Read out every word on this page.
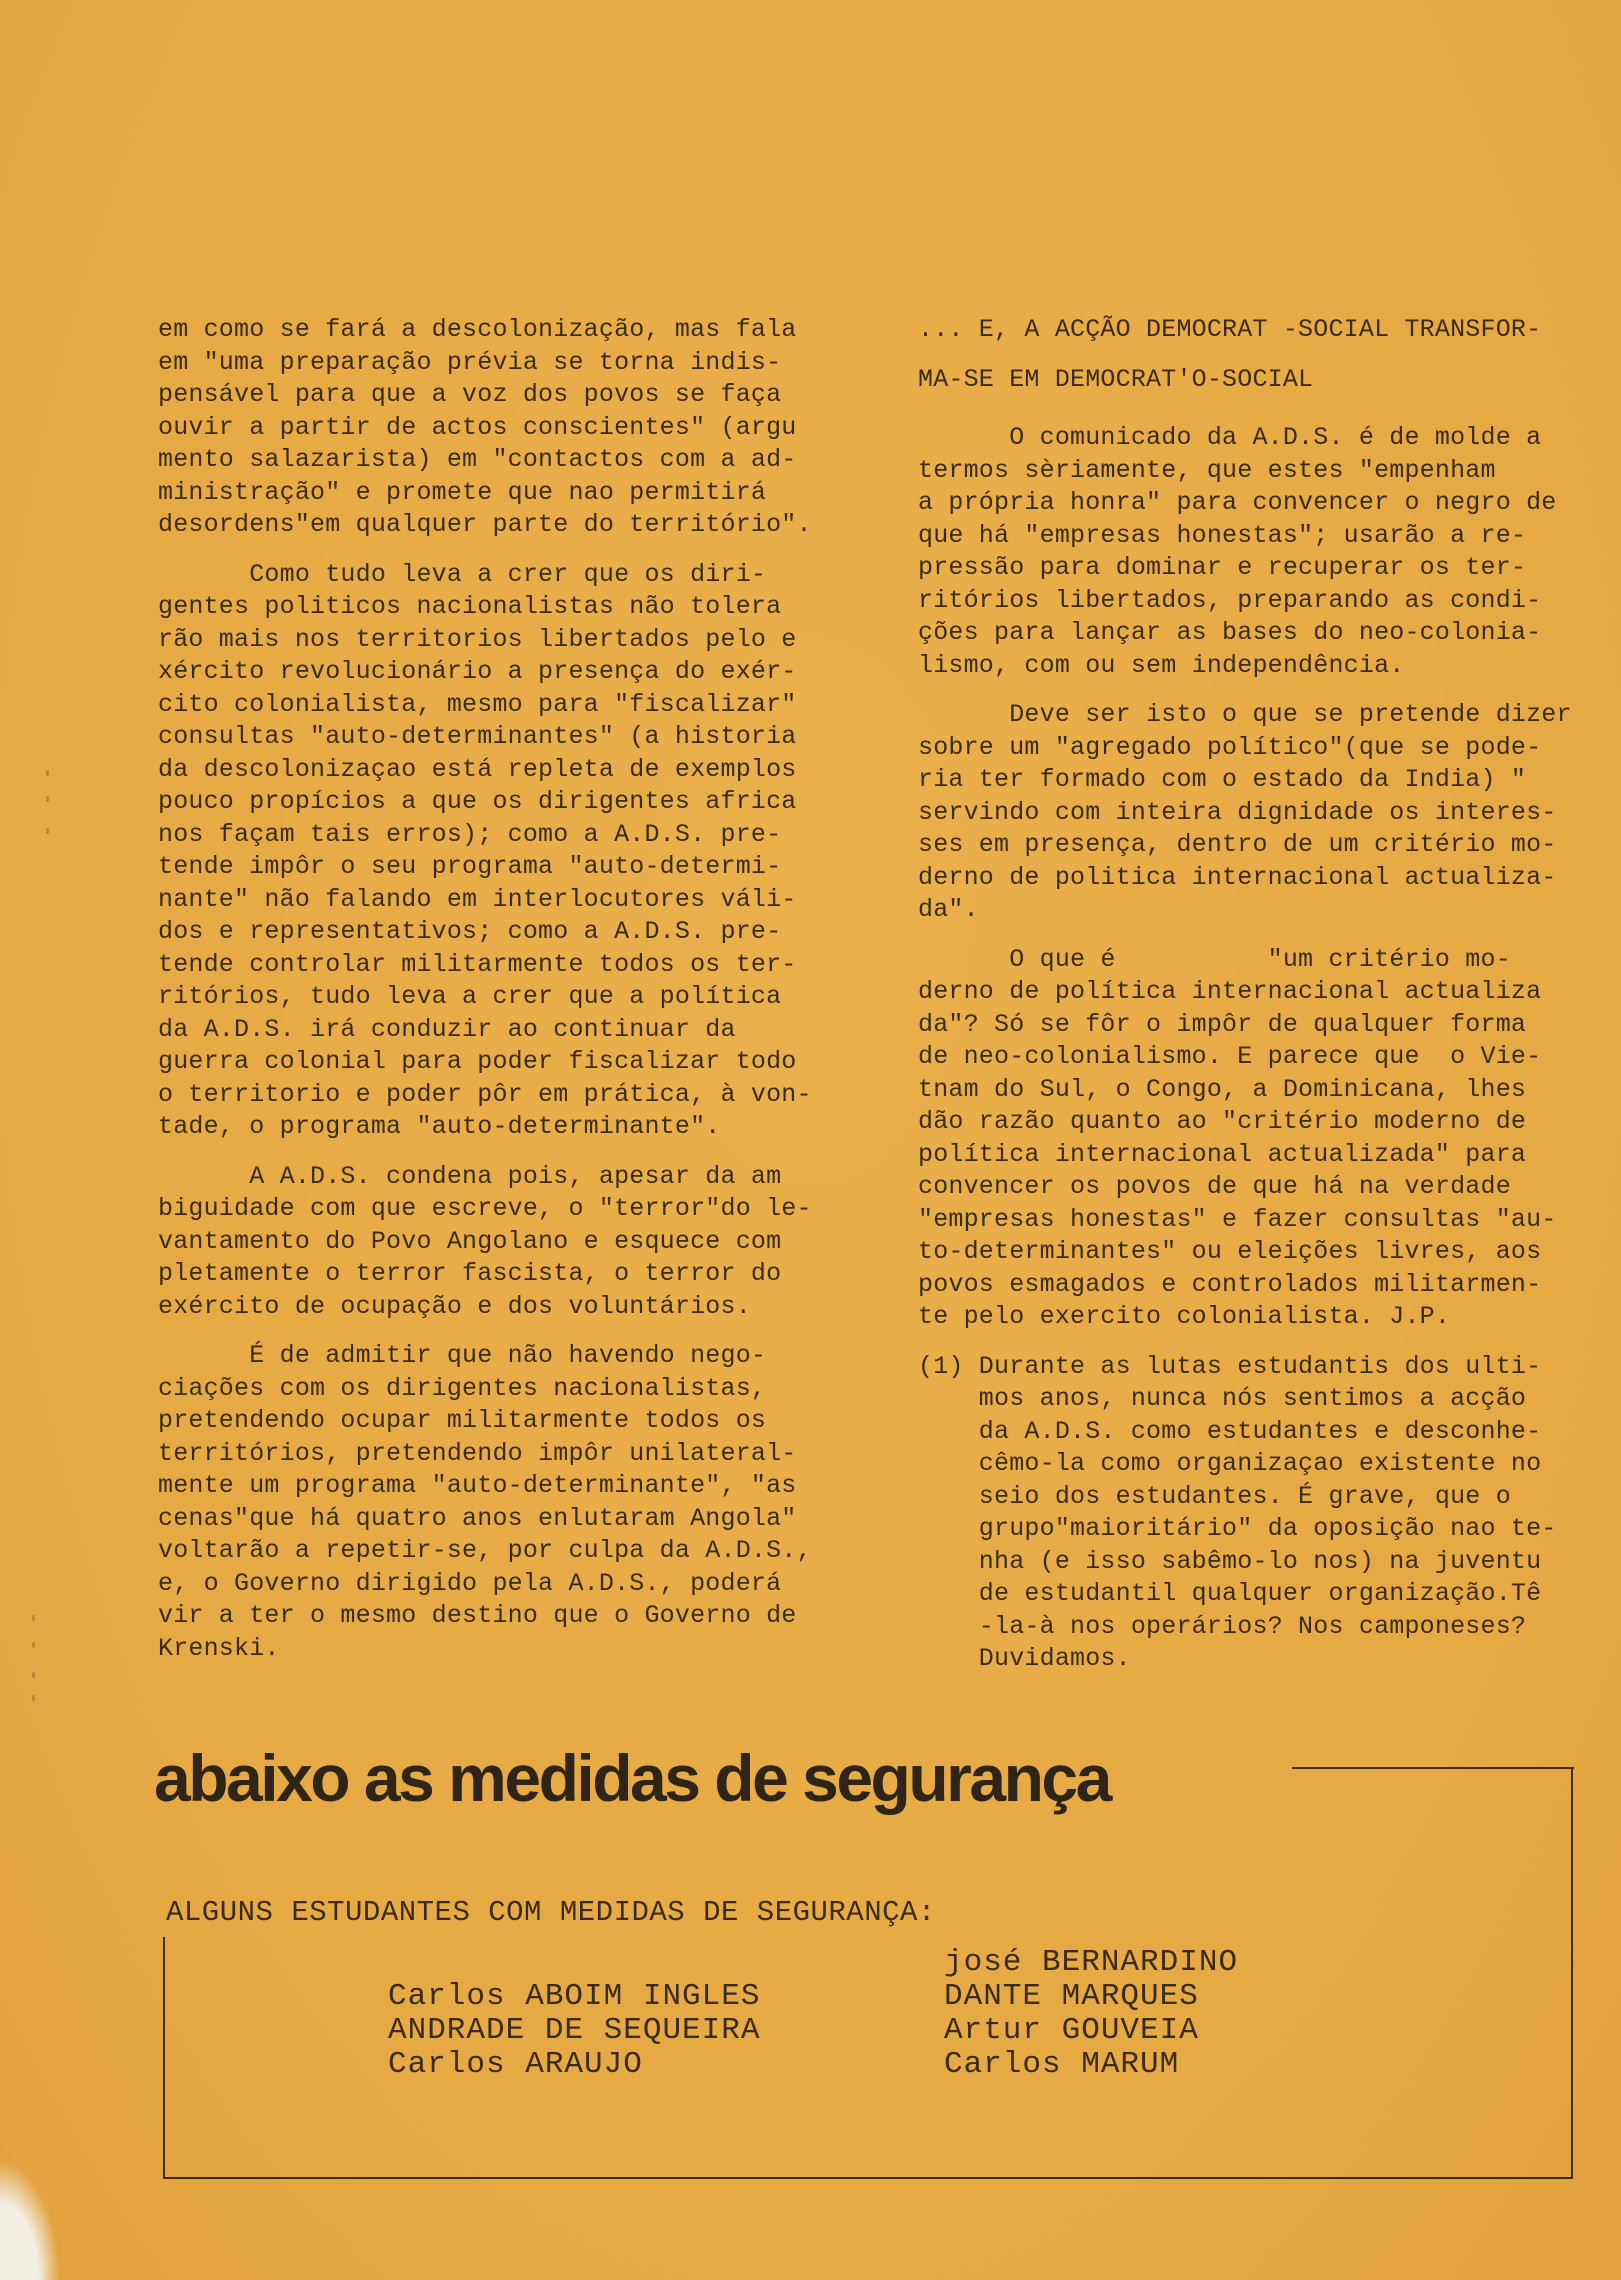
em como se fará a descolonização, mas fala
em "uma preparação prévia se torna indis-
pensável para que a voz dos povos se faça
ouvir a partir de actos conscientes" (argu
mento salazarista) em "contactos com a ad-
ministração" e promete que nao permitirá
desordens"em qualquer parte do território".

Como tudo leva a crer que os diri-
gentes politicos nacionalistas não tolera
rão mais nos territorios libertados pelo e
xército revolucionário a presença do exér-
cito colonialista, mesmo para "fiscalizar"
consultas "auto-determinantes" (a historia
da descolonizaçao está repleta de exemplos
pouco propícios a que os dirigentes africa
nos façam tais erros); como a A.D.S. pre-
tende impôr o seu programa "auto-determi-
nante" não falando em interlocutores váli-
dos e representativos; como a A.D.S. pre-
tende controlar militarmente todos os ter-
ritórios, tudo leva a crer que a política
da A.D.S. irá conduzir ao continuar da
guerra colonial para poder fiscalizar todo
o territorio e poder pôr em prática, à von-
tade, o programa "auto-determinante".

A A.D.S. condena pois, apesar da am
biguidade com que escreve, o "terror"do le-
vantamento do Povo Angolano e esquece com
pletamente o terror fascista, o terror do
exército de ocupação e dos voluntários.

É de admitir que não havendo nego-
ciações com os dirigentes nacionalistas,
pretendendo ocupar militarmente todos os
territórios, pretendendo impôr unilateral-
mente um programa "auto-determinante", "as
cenas"que há quatro anos enlutaram Angola"
voltarão a repetir-se, por culpa da A.D.S.,
e, o Governo dirigido pela A.D.S., poderá
vir a ter o mesmo destino que o Governo de
Krenski.

... E, A ACÇÃO DEMOCRAT -SOCIAL TRANSFOR-

MA-SE EM DEMOCRAT'O-SOCIAL

O comunicado da A.D.S. é de molde a
termos sèriamente, que estes "empenham
a própria honra" para convencer o negro de
que há "empresas honestas"; usarão a re-
pressão para dominar e recuperar os ter-
ritórios libertados, preparando as condi-
ções para lançar as bases do neo-colonia-
lismo, com ou sem independência.

Deve ser isto o que se pretende dizer
sobre um "agregado político"(que se pode-
ria ter formado com o estado da India) "
servindo com inteira dignidade os interes-
ses em presença, dentro de um critério mo-
derno de politica internacional actualiza-
da".

O que é          "um critério mo-
derno de política internacional actualiza
da"? Só se fôr o impôr de qualquer forma
de neo-colonialismo. E parece que  o Vie-
tnam do Sul, o Congo, a Dominicana, lhes
dão razão quanto ao "critério moderno de
política internacional actualizada" para
convencer os povos de que há na verdade
"empresas honestas" e fazer consultas "au-
to-determinantes" ou eleições livres, aos
povos esmagados e controlados militarmen-
te pelo exercito colonialista. J.P.

(1) Durante as lutas estudantis dos ulti-
mos anos, nunca nós sentimos a acção
da A.D.S. como estudantes e desconhe-
cêmo-la como organizaçao existente no
seio dos estudantes. É grave, que o
grupo"maioritário" da oposição nao te-
nha (e isso sabêmo-lo nos) na juventu
de estudantil qualquer organização.Tê
-la-à nos operários? Nos camponeses?
Duvidamos.

abaixo as medidas de segurança
ALGUNS ESTUDANTES COM MEDIDAS DE SEGURANÇA:
Carlos ABOIM INGLES
ANDRADE DE SEQUEIRA
Carlos ARAUJO
josé BERNARDINO
DANTE MARQUES
Artur GOUVEIA
Carlos MARUM
